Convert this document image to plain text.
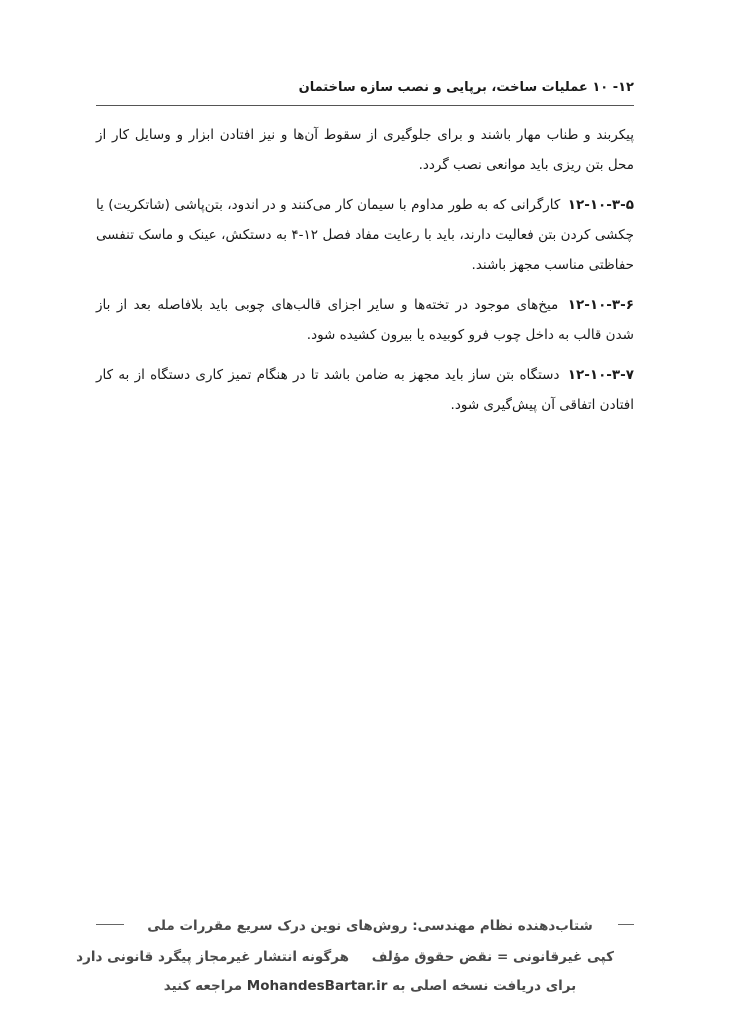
۱۲- ۱۰ عملیات ساخت، برپایی و نصب سازه ساختمان

پیکربند و طناب مهار باشند و برای جلوگیری از سقوط آن‌ها و نیز افتادن ابزار و وسایل کار از محل بتن ریزی باید موانعی نصب گردد.

۱۲-۱۰-۳-۵ کارگرانی که به طور مداوم با سیمان کار می‌کنند و در اندود، بتن‌پاشی (شاتکریت) یا چکشی کردن بتن فعالیت دارند، باید با رعایت مفاد فصل ۱۲-۴ به دستکش، عینک و ماسک تنفسی حفاظتی مناسب مجهز باشند.

۱۲-۱۰-۳-۶ میخ‌های موجود در تخته‌ها و سایر اجزای قالب‌های چوبی باید بلافاصله بعد از باز شدن قالب به داخل چوب فرو کوبیده یا بیرون کشیده شود.

۱۲-۱۰-۳-۷ دستگاه بتن ساز باید مجهز به ضامن باشد تا در هنگام تمیز کاری دستگاه از به کار افتادن اتفاقی آن پیش‌گیری شود.

شتاب‌دهنده نظام مهندسی: روش‌های نوین درک سریع مقررات ملی
کپی غیرقانونی = نقض حقوق مؤلف هرگونه انتشار غیرمجاز پیگرد قانونی دارد
برای دریافت نسخه اصلی به MohandesBartar.ir مراجعه کنید
